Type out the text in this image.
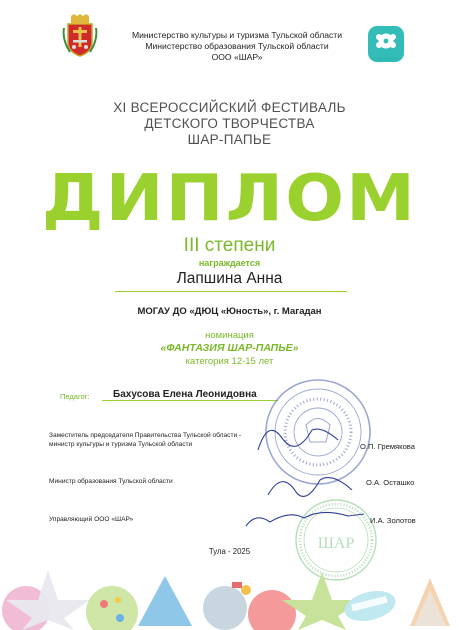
Министерство культуры и туризма Тульской области
Министерство образования Тульской области
ООО «ШАР»	шар-папье
XI ВСЕРОССИЙСКИЙ ФЕСТИВАЛЬ
ДЕТСКОГО ТВОРЧЕСТВА
ШАР-ПАПЬЕ
ДИПЛОМ
III степени
награждается
Лапшина Анна
МОГАУ ДО «ДЮЦ «Юность», г. Магадан
номинация
«ФАНТАЗИЯ ШАР-ПАПЬЕ»
категория 12-15 лет
Педагог: Бахусова Елена Леонидовна
ШАР
Заместитель председателя Правительства Тульской области -
министр культуры и туризма Тульской области	О.П. Гремякова
Министр образования Тульской области	О.А. Осташко
Управляющий ООО «ШАР»	И.А. Золотов
Тула - 2025
